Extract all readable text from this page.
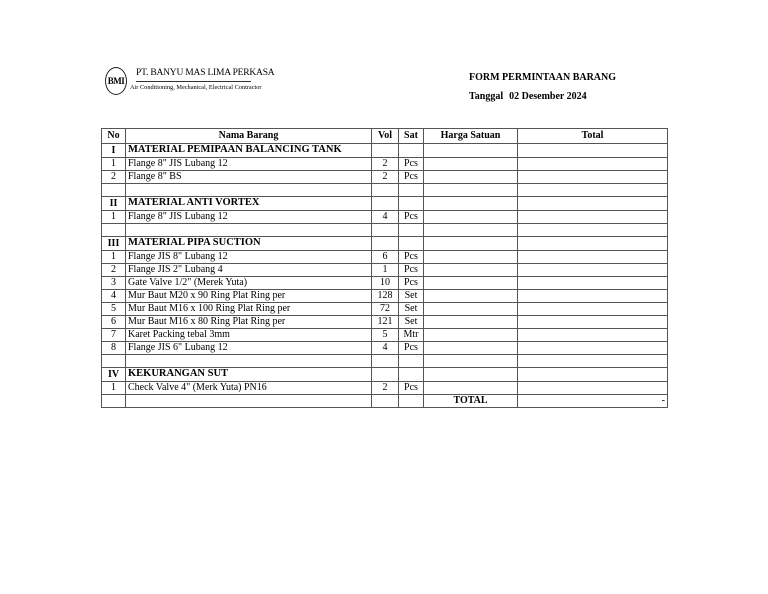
BMI
PT. BANYU MAS LIMA PERKASA
Air Conditioning, Mechanical, Electrical Contractor
FORM PERMINTAAN BARANG
Tanggal 02 Desember 2024
No	Nama Barang	Vol	Sat	Harga Satuan	Total
I	MATERIAL PEMIPAAN BALANCING TANK				
1	Flange 8" JIS Lubang 12	2	Pcs		
2	Flange 8" BS	2	Pcs		

II	MATERIAL ANTI VORTEX				
1	Flange 8" JIS Lubang 12	4	Pcs		

III	MATERIAL PIPA SUCTION				
1	Flange JIS 8" Lubang 12	6	Pcs		
2	Flange JIS 2" Lubang 4	1	Pcs		
3	Gate Valve 1/2" (Merek Yuta)	10	Pcs		
4	Mur Baut M20 x 90 Ring Plat Ring per	128	Set		
5	Mur Baut M16 x 100 Ring Plat Ring per	72	Set		
6	Mur Baut M16 x 80 Ring Plat Ring per	121	Set		
7	Karet Packing tebal 3mm	5	Mtr		
8	Flange JIS 6" Lubang 12	4	Pcs		

IV	KEKURANGAN SUT				
1	Check Valve 4" (Merk Yuta) PN16	2	Pcs		
				TOTAL	-
